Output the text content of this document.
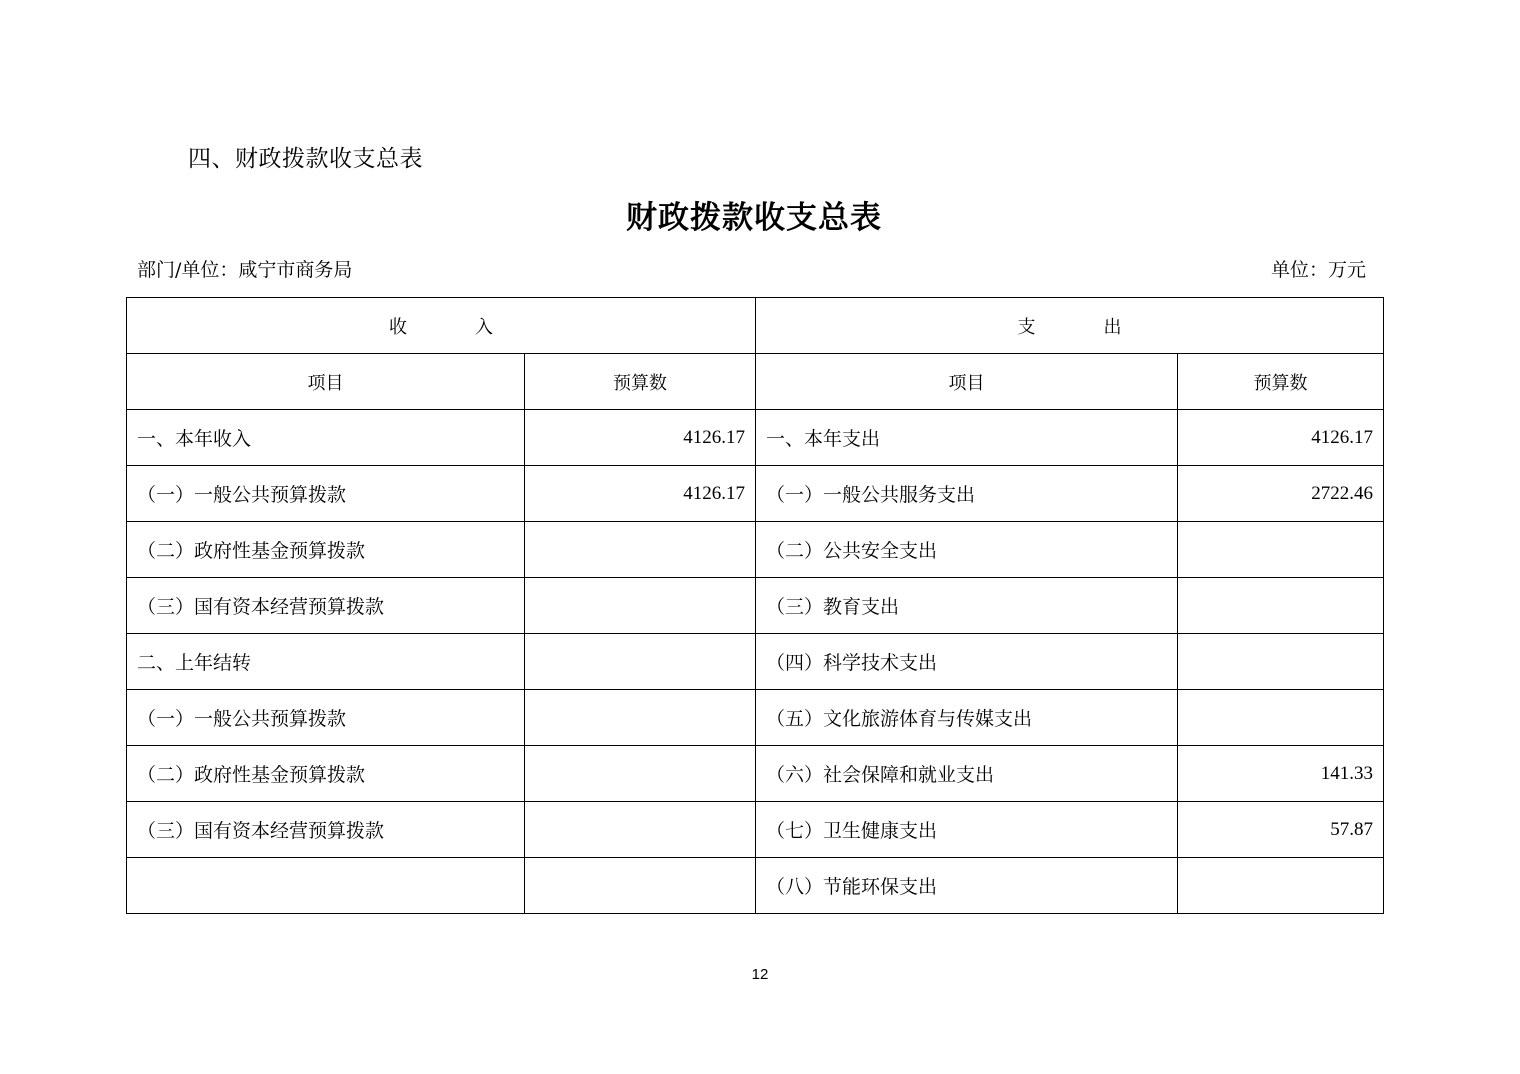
四、财政拨款收支总表
财政拨款收支总表
部门/单位：咸宁市商务局	单位：万元
收 入		支 出	
项目	预算数	项目	预算数
一、本年收入	4126.17	一、本年支出	4126.17
（一）一般公共预算拨款	4126.17	（一）一般公共服务支出	2722.46
（二）政府性基金预算拨款		（二）公共安全支出	
（三）国有资本经营预算拨款		（三）教育支出	
二、上年结转		（四）科学技术支出	
（一）一般公共预算拨款		（五）文化旅游体育与传媒支出	
（二）政府性基金预算拨款		（六）社会保障和就业支出	141.33
（三）国有资本经营预算拨款		（七）卫生健康支出	57.87
		（八）节能环保支出	
12
